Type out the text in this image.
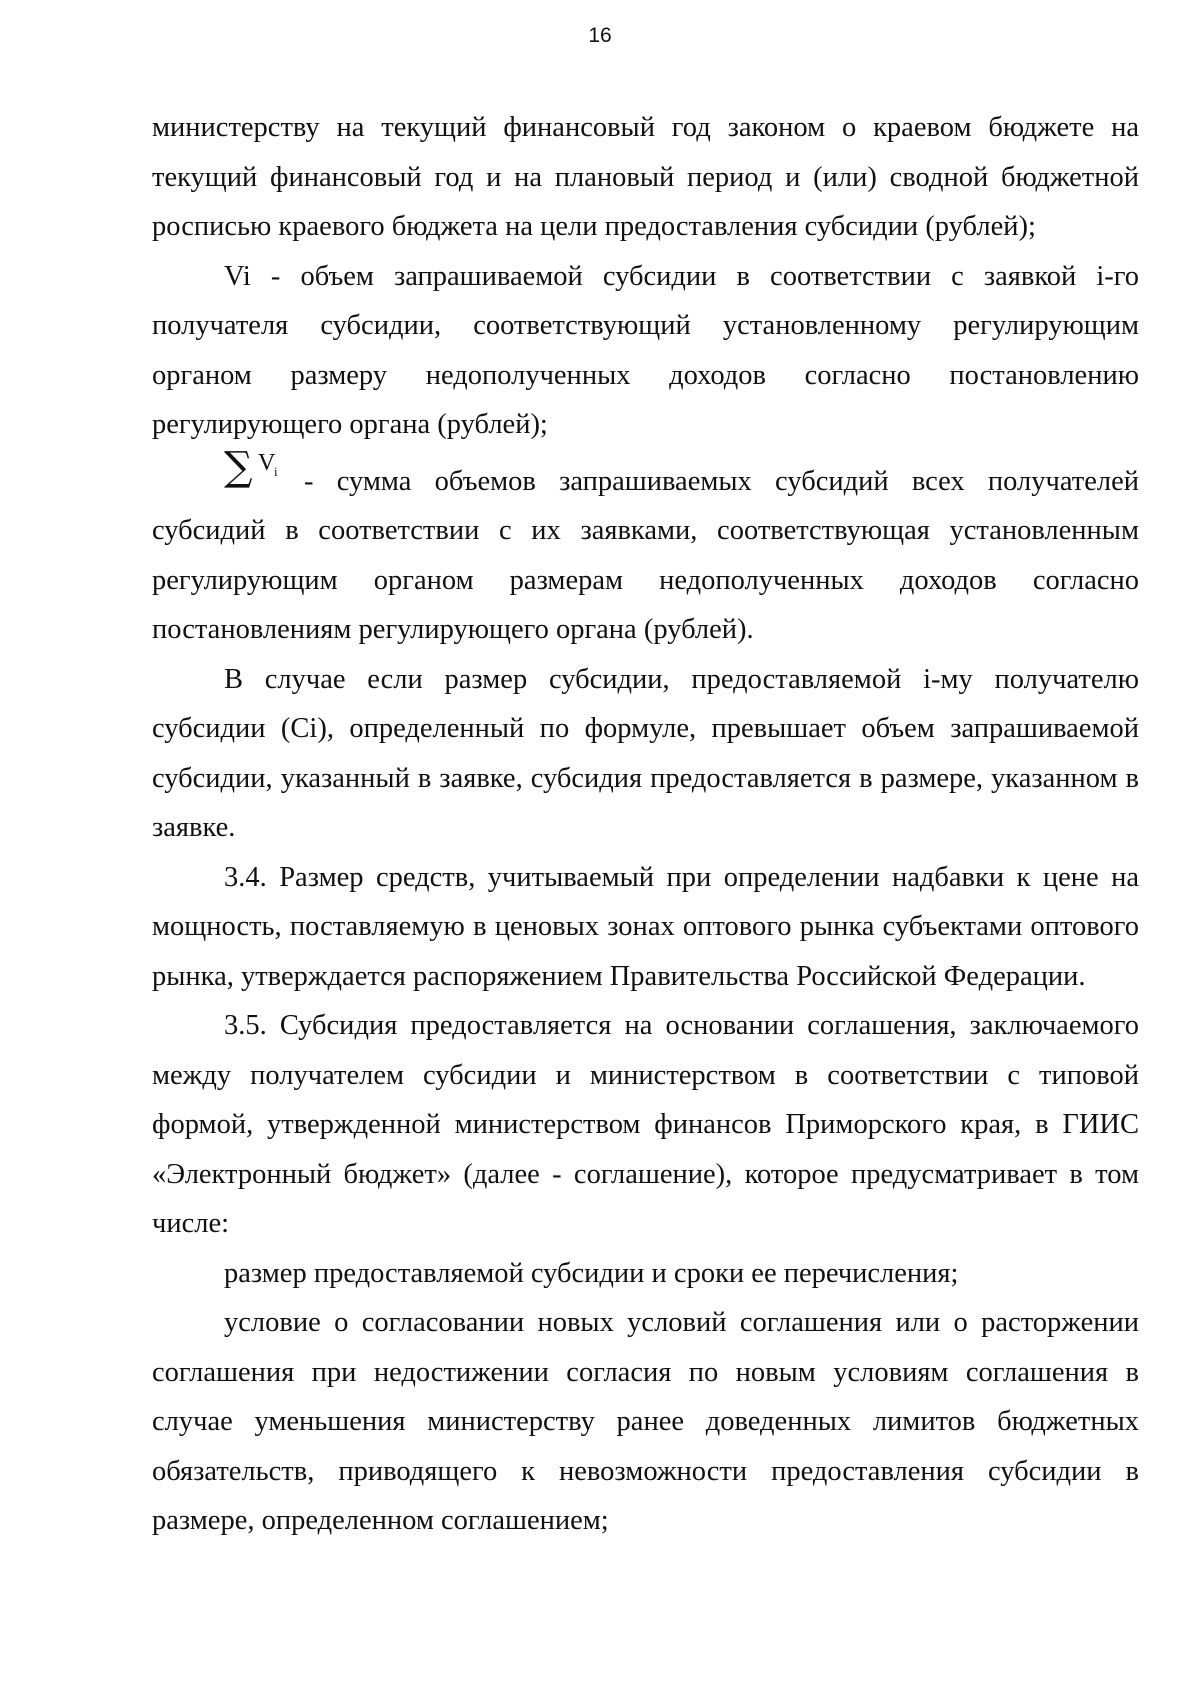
16

министерству на текущий финансовый год законом о краевом бюджете на текущий финансовый год и на плановый период и (или) сводной бюджетной росписью краевого бюджета на цели предоставления субсидии (рублей);

Vi - объем запрашиваемой субсидии в соответствии с заявкой i-го получателя субсидии, соответствующий установленному регулирующим органом размеру недополученных доходов согласно постановлению регулирующего органа (рублей);

∑ V
i - сумма объемов запрашиваемых субсидий всех получателей субсидий в соответствии с их заявками, соответствующая установленным регулирующим органом размерам недополученных доходов согласно постановлениям регулирующего органа (рублей).

В случае если размер субсидии, предоставляемой i-му получателю субсидии (Ci), определенный по формуле, превышает объем запрашиваемой субсидии, указанный в заявке, субсидия предоставляется в размере, указанном в заявке.

3.4. Размер средств, учитываемый при определении надбавки к цене на мощность, поставляемую в ценовых зонах оптового рынка субъектами оптового рынка, утверждается распоряжением Правительства Российской Федерации.

3.5. Субсидия предоставляется на основании соглашения, заключаемого между получателем субсидии и министерством в соответствии с типовой формой, утвержденной министерством финансов Приморского края, в ГИИС «Электронный бюджет» (далее - соглашение), которое предусматривает в том числе:

размер предоставляемой субсидии и сроки ее перечисления;

условие о согласовании новых условий соглашения или о расторжении соглашения при недостижении согласия по новым условиям соглашения в случае уменьшения министерству ранее доведенных лимитов бюджетных обязательств, приводящего к невозможности предоставления субсидии в размере, определенном соглашением;
